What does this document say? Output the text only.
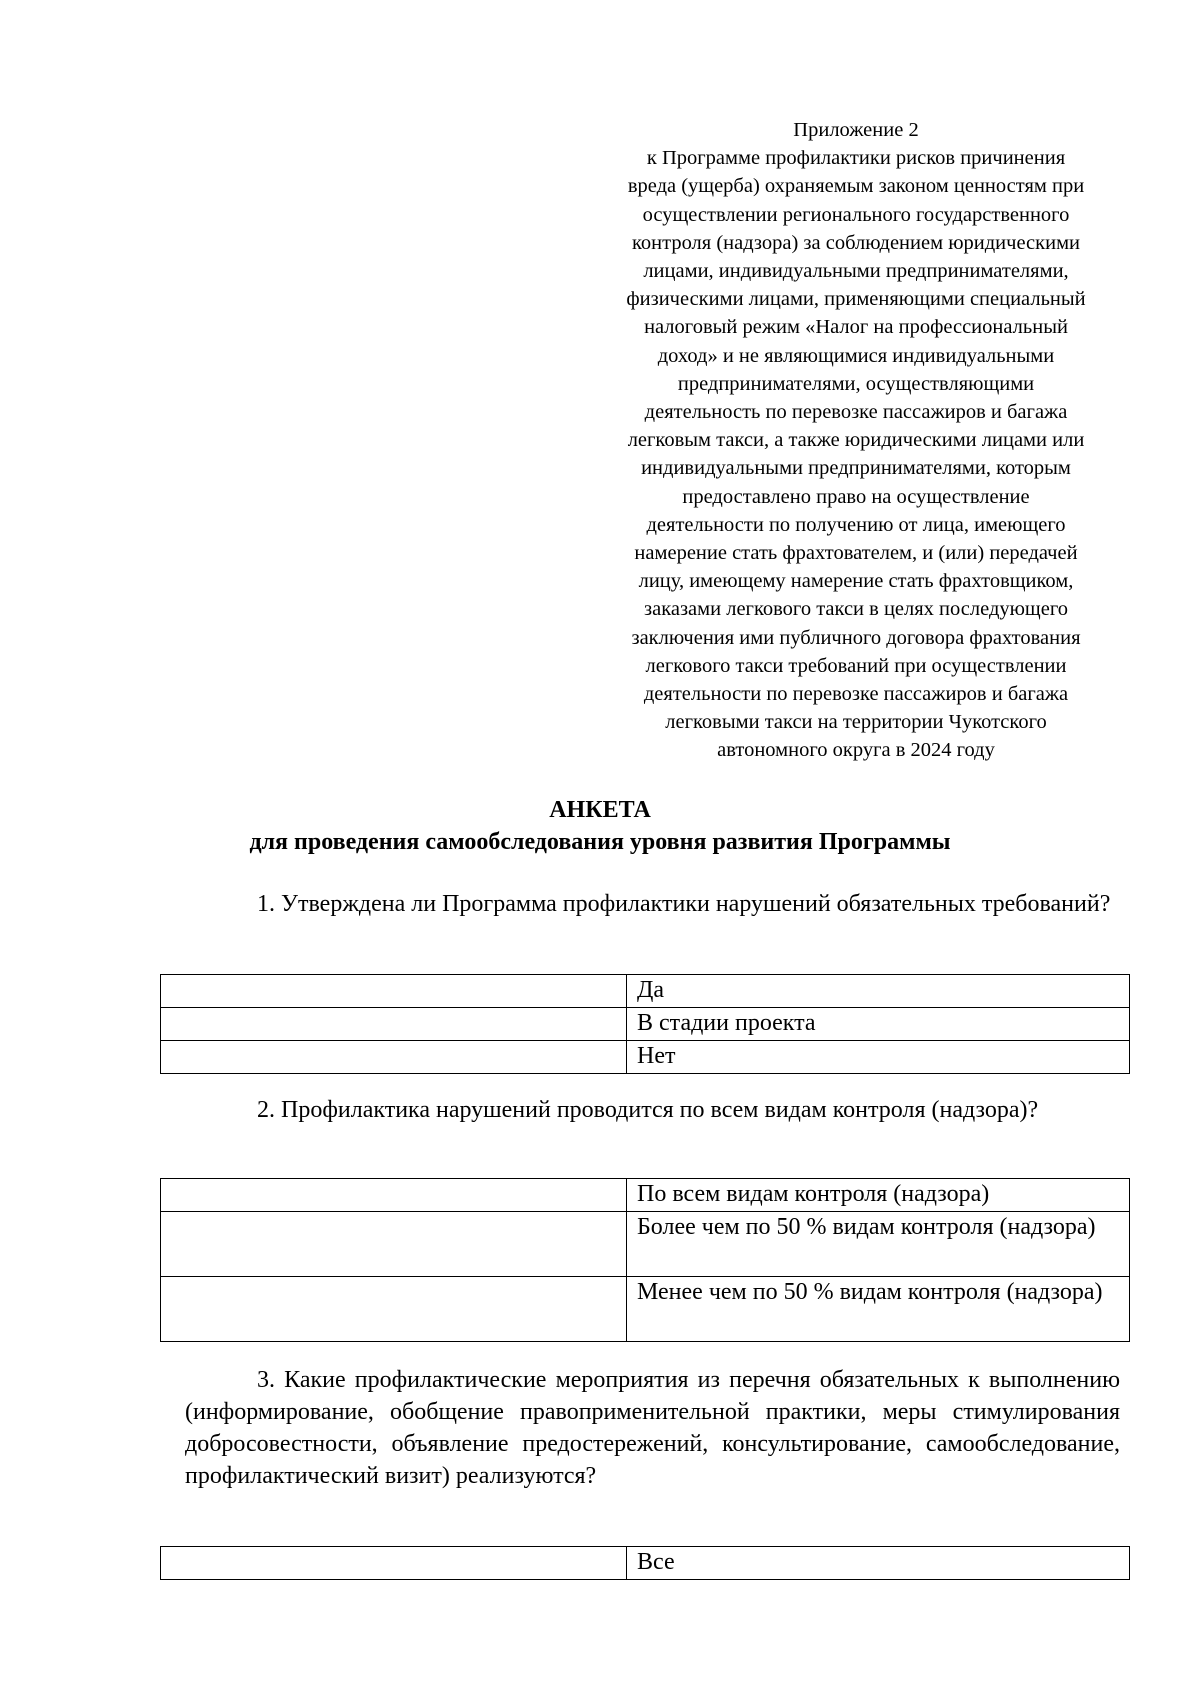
Приложение 2
к Программе профилактики рисков причинения
вреда (ущерба) охраняемым законом ценностям при
осуществлении регионального государственного
контроля (надзора) за соблюдением юридическими
лицами, индивидуальными предпринимателями,
физическими лицами, применяющими специальный
налоговый режим «Налог на профессиональный
доход» и не являющимися индивидуальными
предпринимателями, осуществляющими
деятельность по перевозке пассажиров и багажа
легковым такси, а также юридическими лицами или
индивидуальными предпринимателями, которым
предоставлено право на осуществление
деятельности по получению от лица, имеющего
намерение стать фрахтователем, и (или) передачей
лицу, имеющему намерение стать фрахтовщиком,
заказами легкового такси в целях последующего
заключения ими публичного договора фрахтования
легкового такси требований при осуществлении
деятельности по перевозке пассажиров и багажа
легковыми такси на территории Чукотского
автономного округа в 2024 году
АНКЕТА
для проведения самообследования уровня развития Программы
1. Утверждена ли Программа профилактики нарушений обязательных требований?
	Да
	В стадии проекта
	Нет
2. Профилактика нарушений проводится по всем видам контроля (надзора)?
	По всем видам контроля (надзора)
	Более чем по 50 % видам контроля (надзора)
	Менее чем по 50 % видам контроля (надзора)
3. Какие профилактические мероприятия из перечня обязательных к выполнению (информирование, обобщение правоприменительной практики, меры стимулирования добросовестности, объявление предостережений, консультирование, самообследование, профилактический визит) реализуются?
	Все
